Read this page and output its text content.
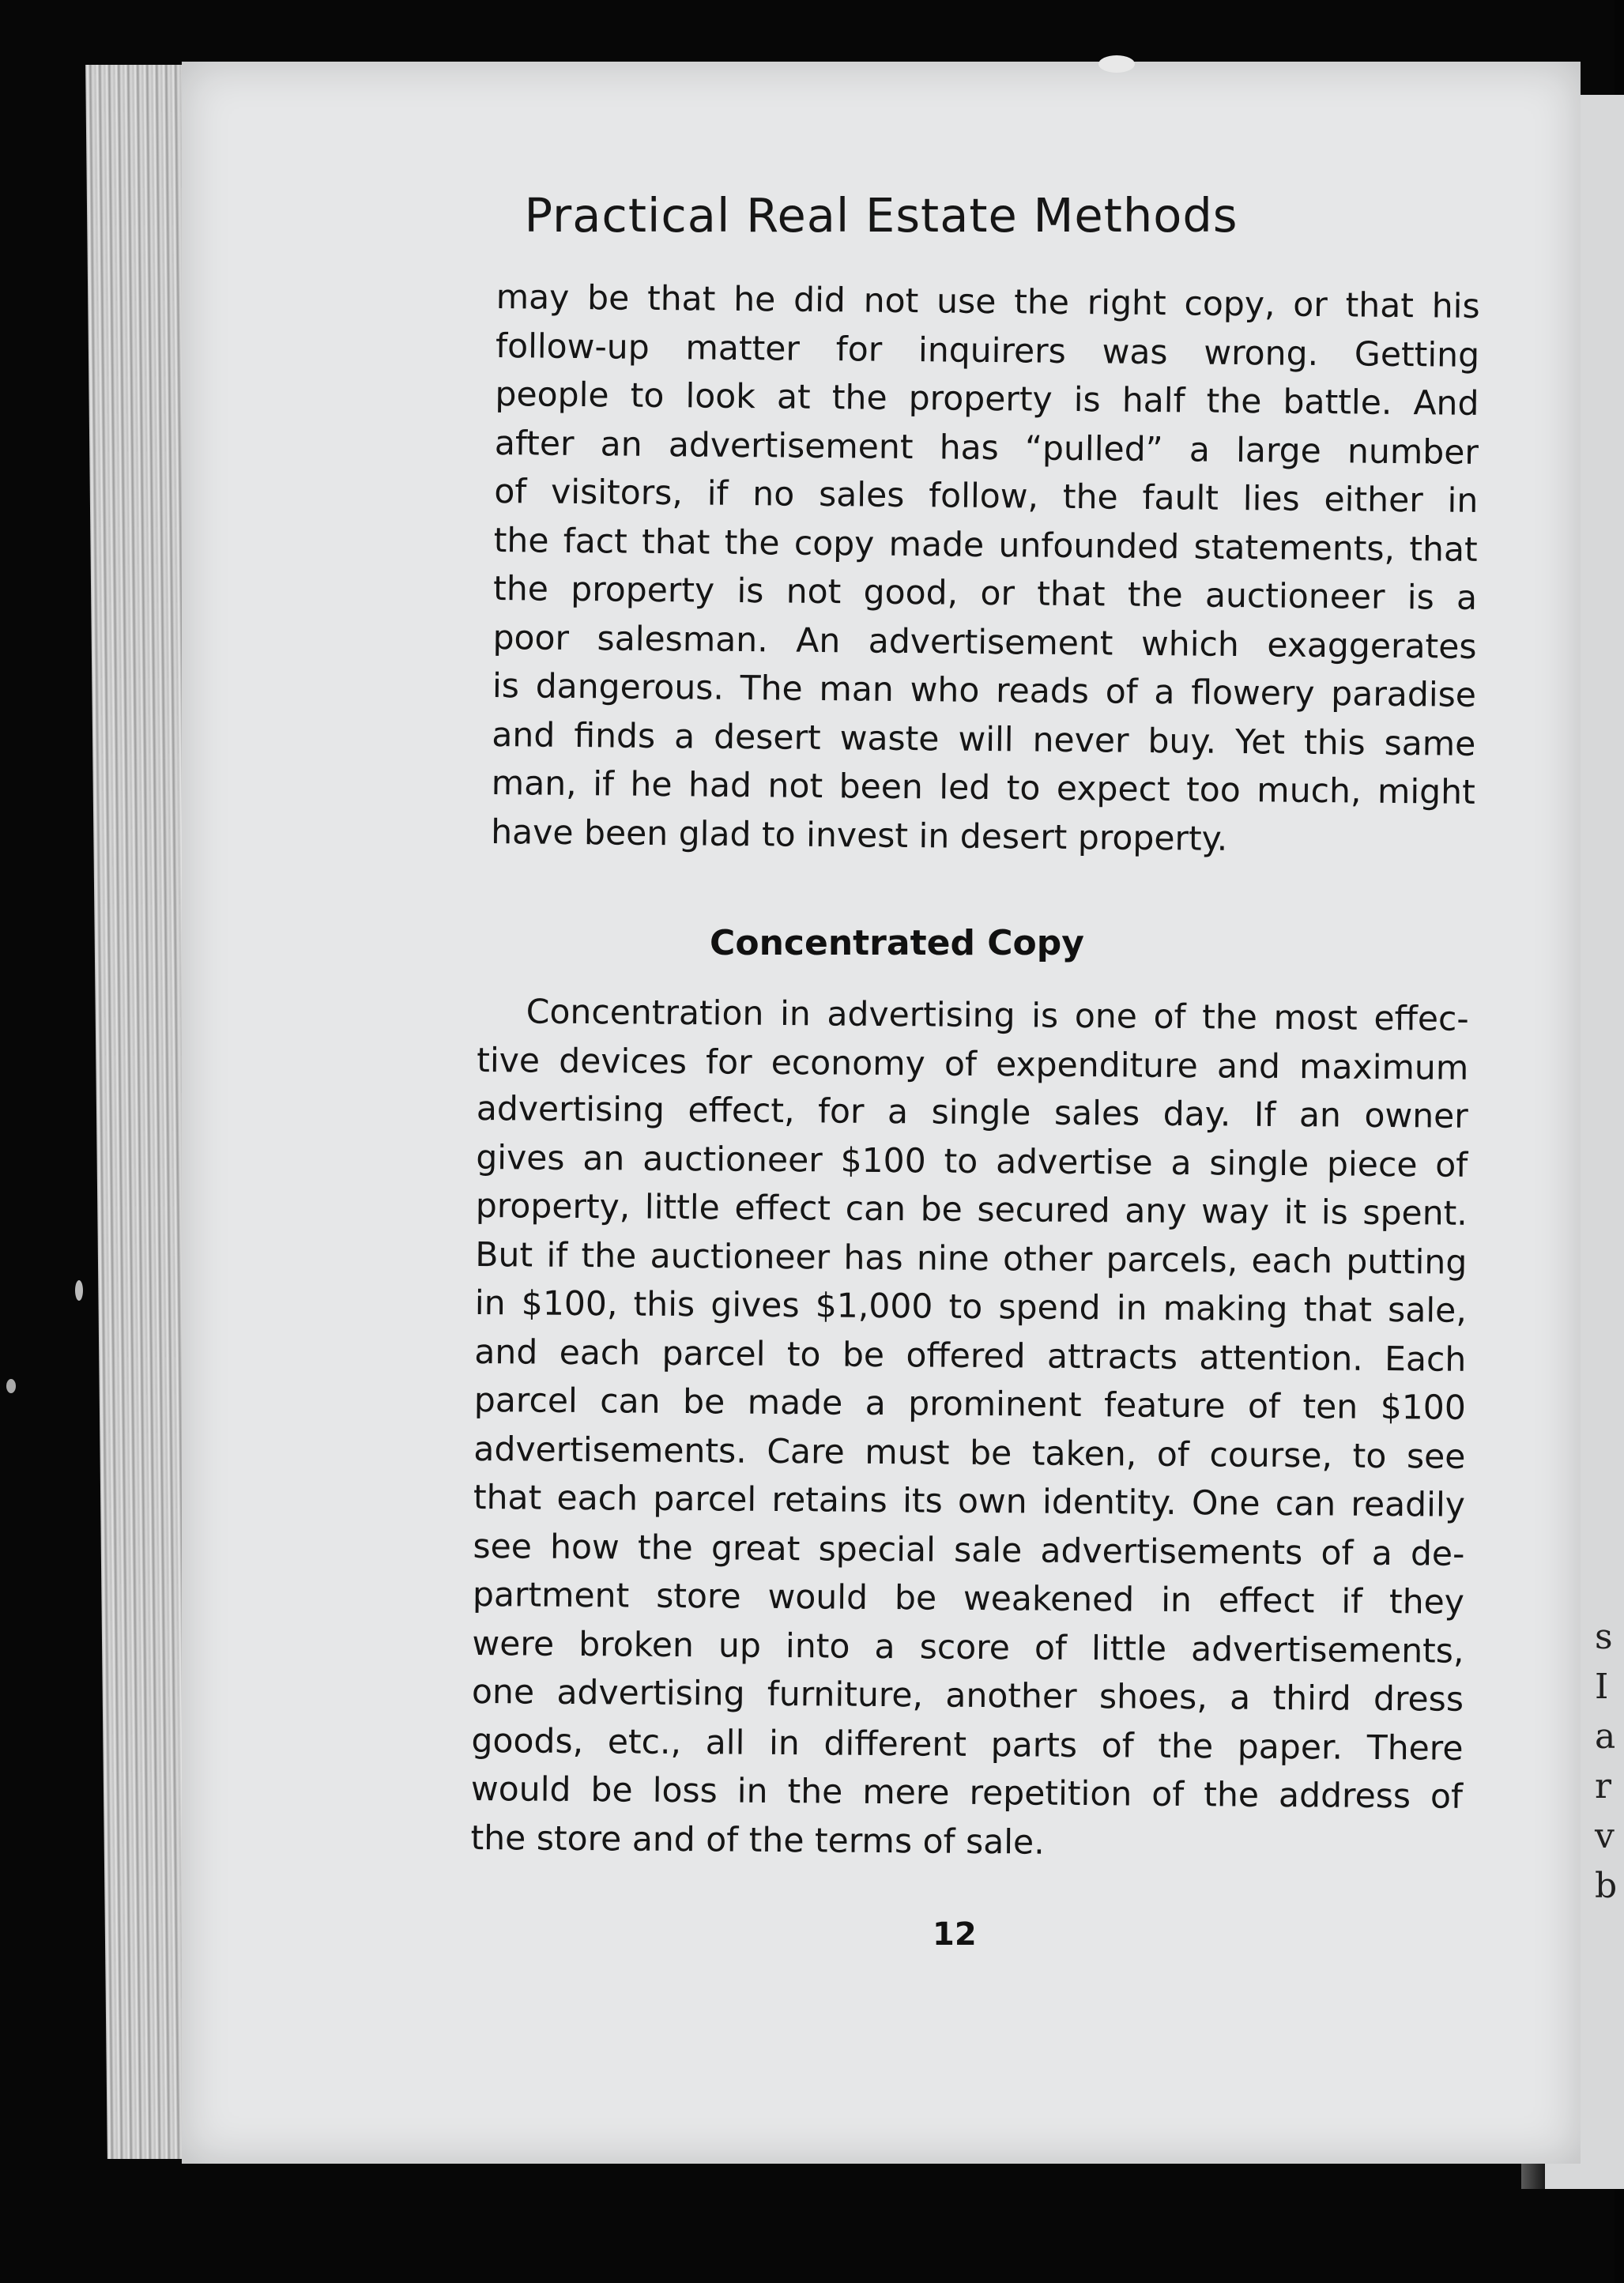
s
I
a
r
v
b
Practical Real Estate Methods
may be that he did not use the right copy, or that his
follow-up matter for inquirers was wrong. Getting
people to look at the property is half the battle. And
after an advertisement has “pulled” a large number
of visitors, if no sales follow, the fault lies either in
the fact that the copy made unfounded statements, that
the property is not good, or that the auctioneer is a
poor salesman. An advertisement which exaggerates
is dangerous. The man who reads of a flowery paradise
and finds a desert waste will never buy. Yet this same
man, if he had not been led to expect too much, might
have been glad to invest in desert property.
Concentrated Copy
Concentration in advertising is one of the most effec-
tive devices for economy of expenditure and maximum
advertising effect, for a single sales day. If an owner
gives an auctioneer $100 to advertise a single piece of
property, little effect can be secured any way it is spent.
But if the auctioneer has nine other parcels, each putting
in $100, this gives $1,000 to spend in making that sale,
and each parcel to be offered attracts attention. Each
parcel can be made a prominent feature of ten $100
advertisements. Care must be taken, of course, to see
that each parcel retains its own identity. One can readily
see how the great special sale advertisements of a de-
partment store would be weakened in effect if they
were broken up into a score of little advertisements,
one advertising furniture, another shoes, a third dress
goods, etc., all in different parts of the paper. There
would be loss in the mere repetition of the address of
the store and of the terms of sale.
12
